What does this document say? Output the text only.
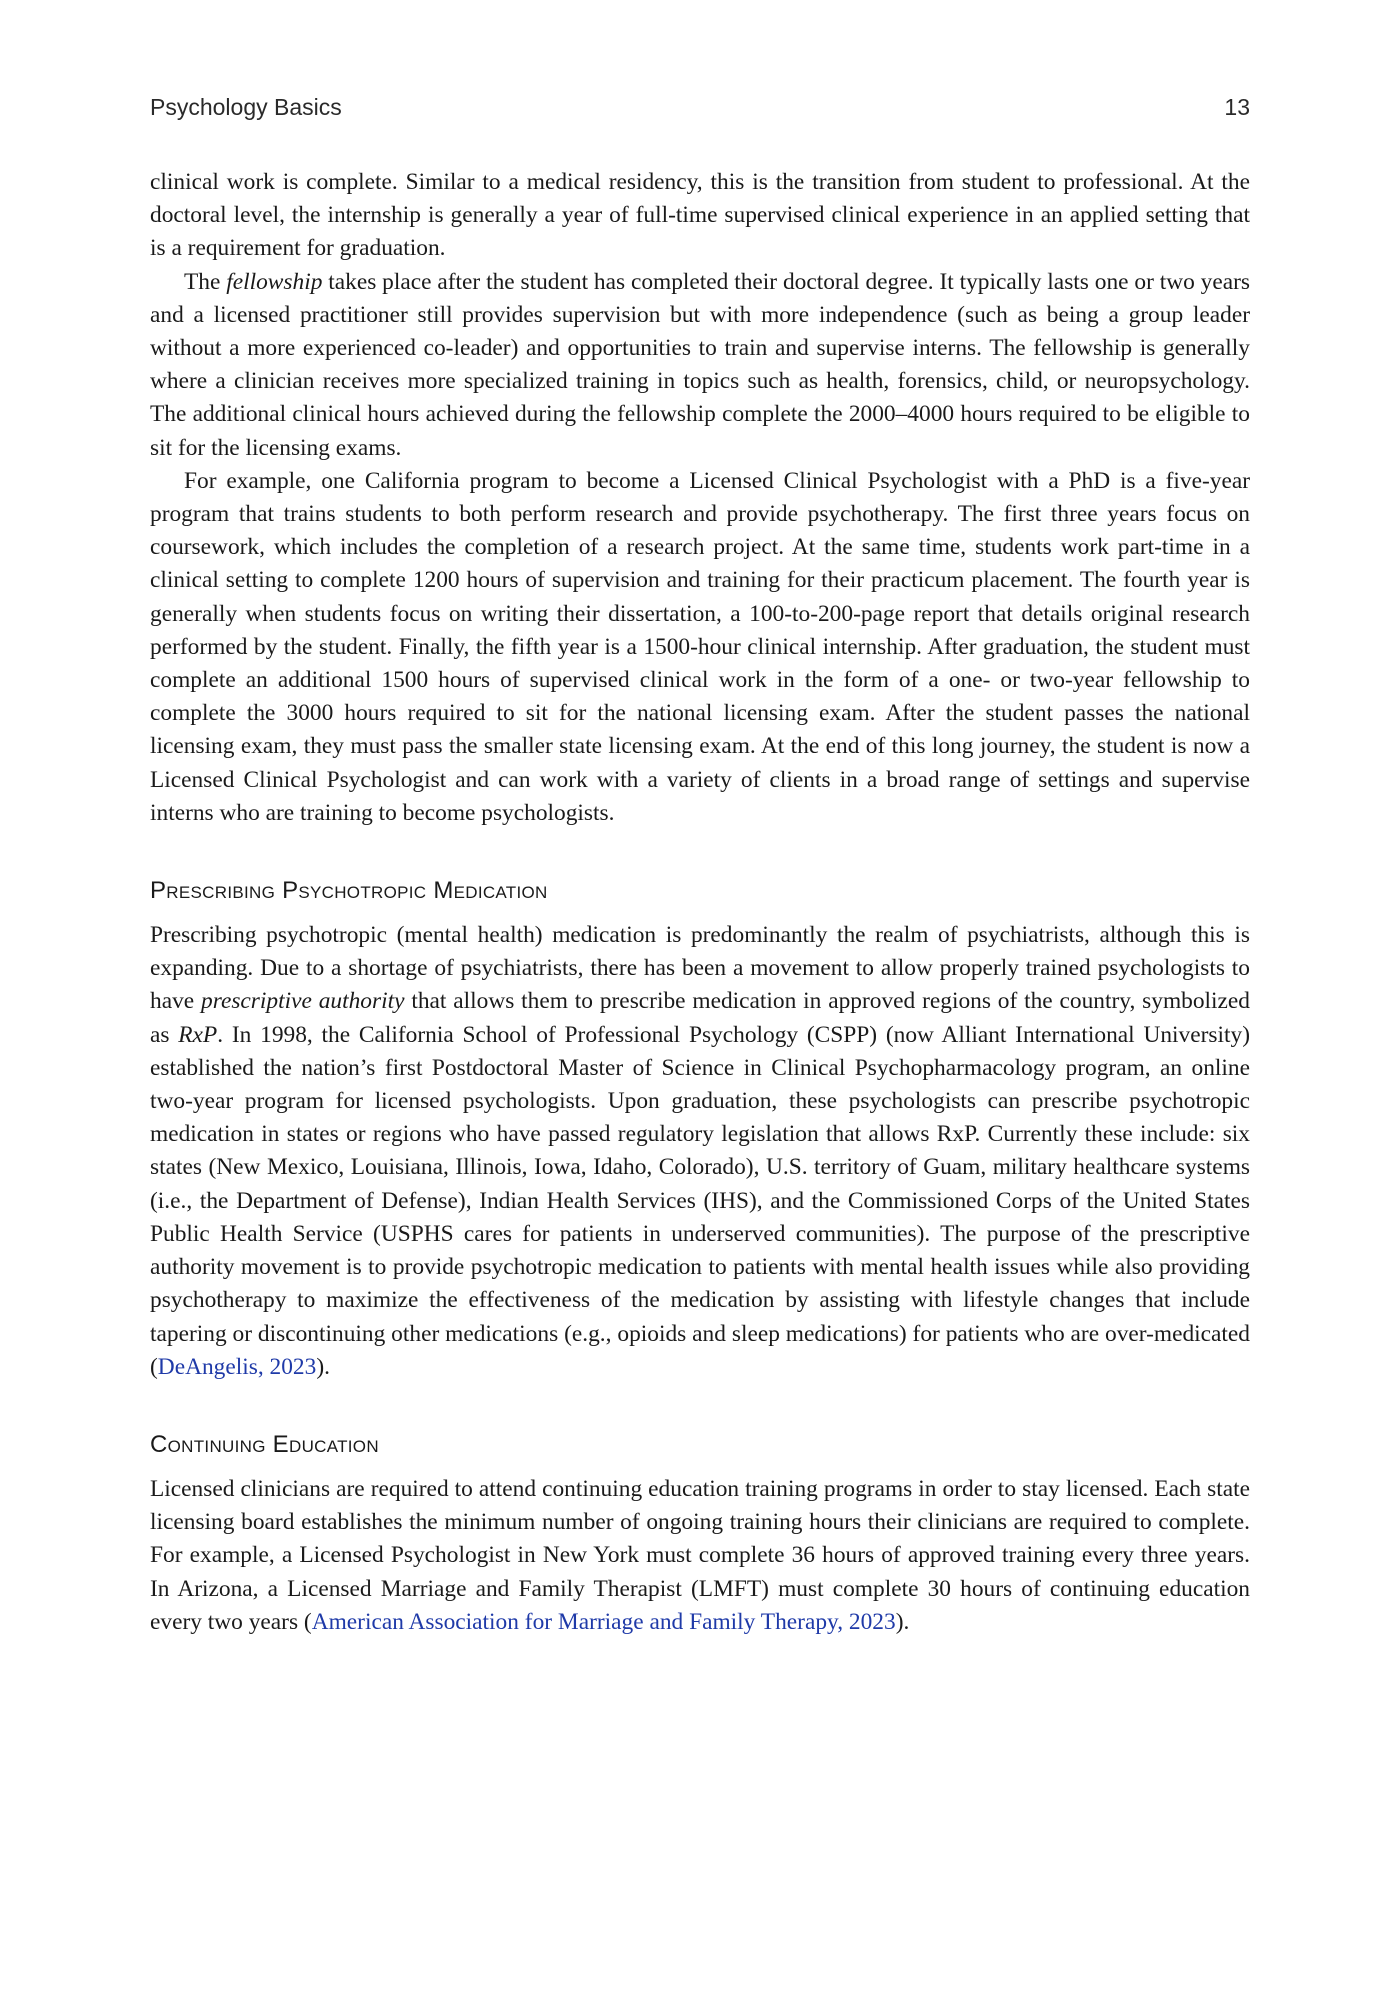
Psychology Basics	13

clinical work is complete. Similar to a medical residency, this is the transition from student to professional. At the doctoral level, the internship is generally a year of full-time supervised clinical experience in an applied setting that is a requirement for graduation.

The fellowship takes place after the student has completed their doctoral degree. It typically lasts one or two years and a licensed practitioner still provides supervision but with more independence (such as being a group leader without a more experienced co-leader) and opportunities to train and supervise interns. The fellowship is generally where a clinician receives more specialized training in topics such as health, forensics, child, or neuropsychology. The additional clinical hours achieved during the fellowship complete the 2000–4000 hours required to be eligible to sit for the licensing exams.

For example, one California program to become a Licensed Clinical Psychologist with a PhD is a five-year program that trains students to both perform research and provide psychotherapy. The first three years focus on coursework, which includes the completion of a research project. At the same time, students work part-time in a clinical setting to complete 1200 hours of supervision and training for their practicum placement. The fourth year is generally when students focus on writing their dissertation, a 100-to-200-page report that details original research performed by the student. Finally, the fifth year is a 1500-hour clinical internship. After graduation, the student must complete an additional 1500 hours of supervised clinical work in the form of a one- or two-year fellowship to complete the 3000 hours required to sit for the national licensing exam. After the student passes the national licensing exam, they must pass the smaller state licensing exam. At the end of this long journey, the student is now a Licensed Clinical Psychologist and can work with a variety of clients in a broad range of settings and supervise interns who are training to become psychologists.

Prescribing Psychotropic Medication

Prescribing psychotropic (mental health) medication is predominantly the realm of psychiatrists, although this is expanding. Due to a shortage of psychiatrists, there has been a movement to allow properly trained psychologists to have prescriptive authority that allows them to prescribe medication in approved regions of the country, symbolized as RxP. In 1998, the California School of Professional Psychology (CSPP) (now Alliant International University) established the nation’s first Postdoctoral Master of Science in Clinical Psychopharmacology program, an online two-year program for licensed psychologists. Upon graduation, these psychologists can prescribe psychotropic medication in states or regions who have passed regulatory legislation that allows RxP. Currently these include: six states (New Mexico, Louisiana, Illinois, Iowa, Idaho, Colorado), U.S. territory of Guam, military healthcare systems (i.e., the Department of Defense), Indian Health Services (IHS), and the Commissioned Corps of the United States Public Health Service (USPHS cares for patients in underserved communities). The purpose of the prescriptive authority movement is to provide psychotropic medication to patients with mental health issues while also providing psychotherapy to maximize the effectiveness of the medication by assisting with lifestyle changes that include tapering or discontinuing other medications (e.g., opioids and sleep medications) for patients who are over-medicated (DeAngelis, 2023).

Continuing Education

Licensed clinicians are required to attend continuing education training programs in order to stay licensed. Each state licensing board establishes the minimum number of ongoing training hours their clinicians are required to complete. For example, a Licensed Psychologist in New York must complete 36 hours of approved training every three years. In Arizona, a Licensed Marriage and Family Therapist (LMFT) must complete 30 hours of continuing education every two years (American Association for Marriage and Family Therapy, 2023).
